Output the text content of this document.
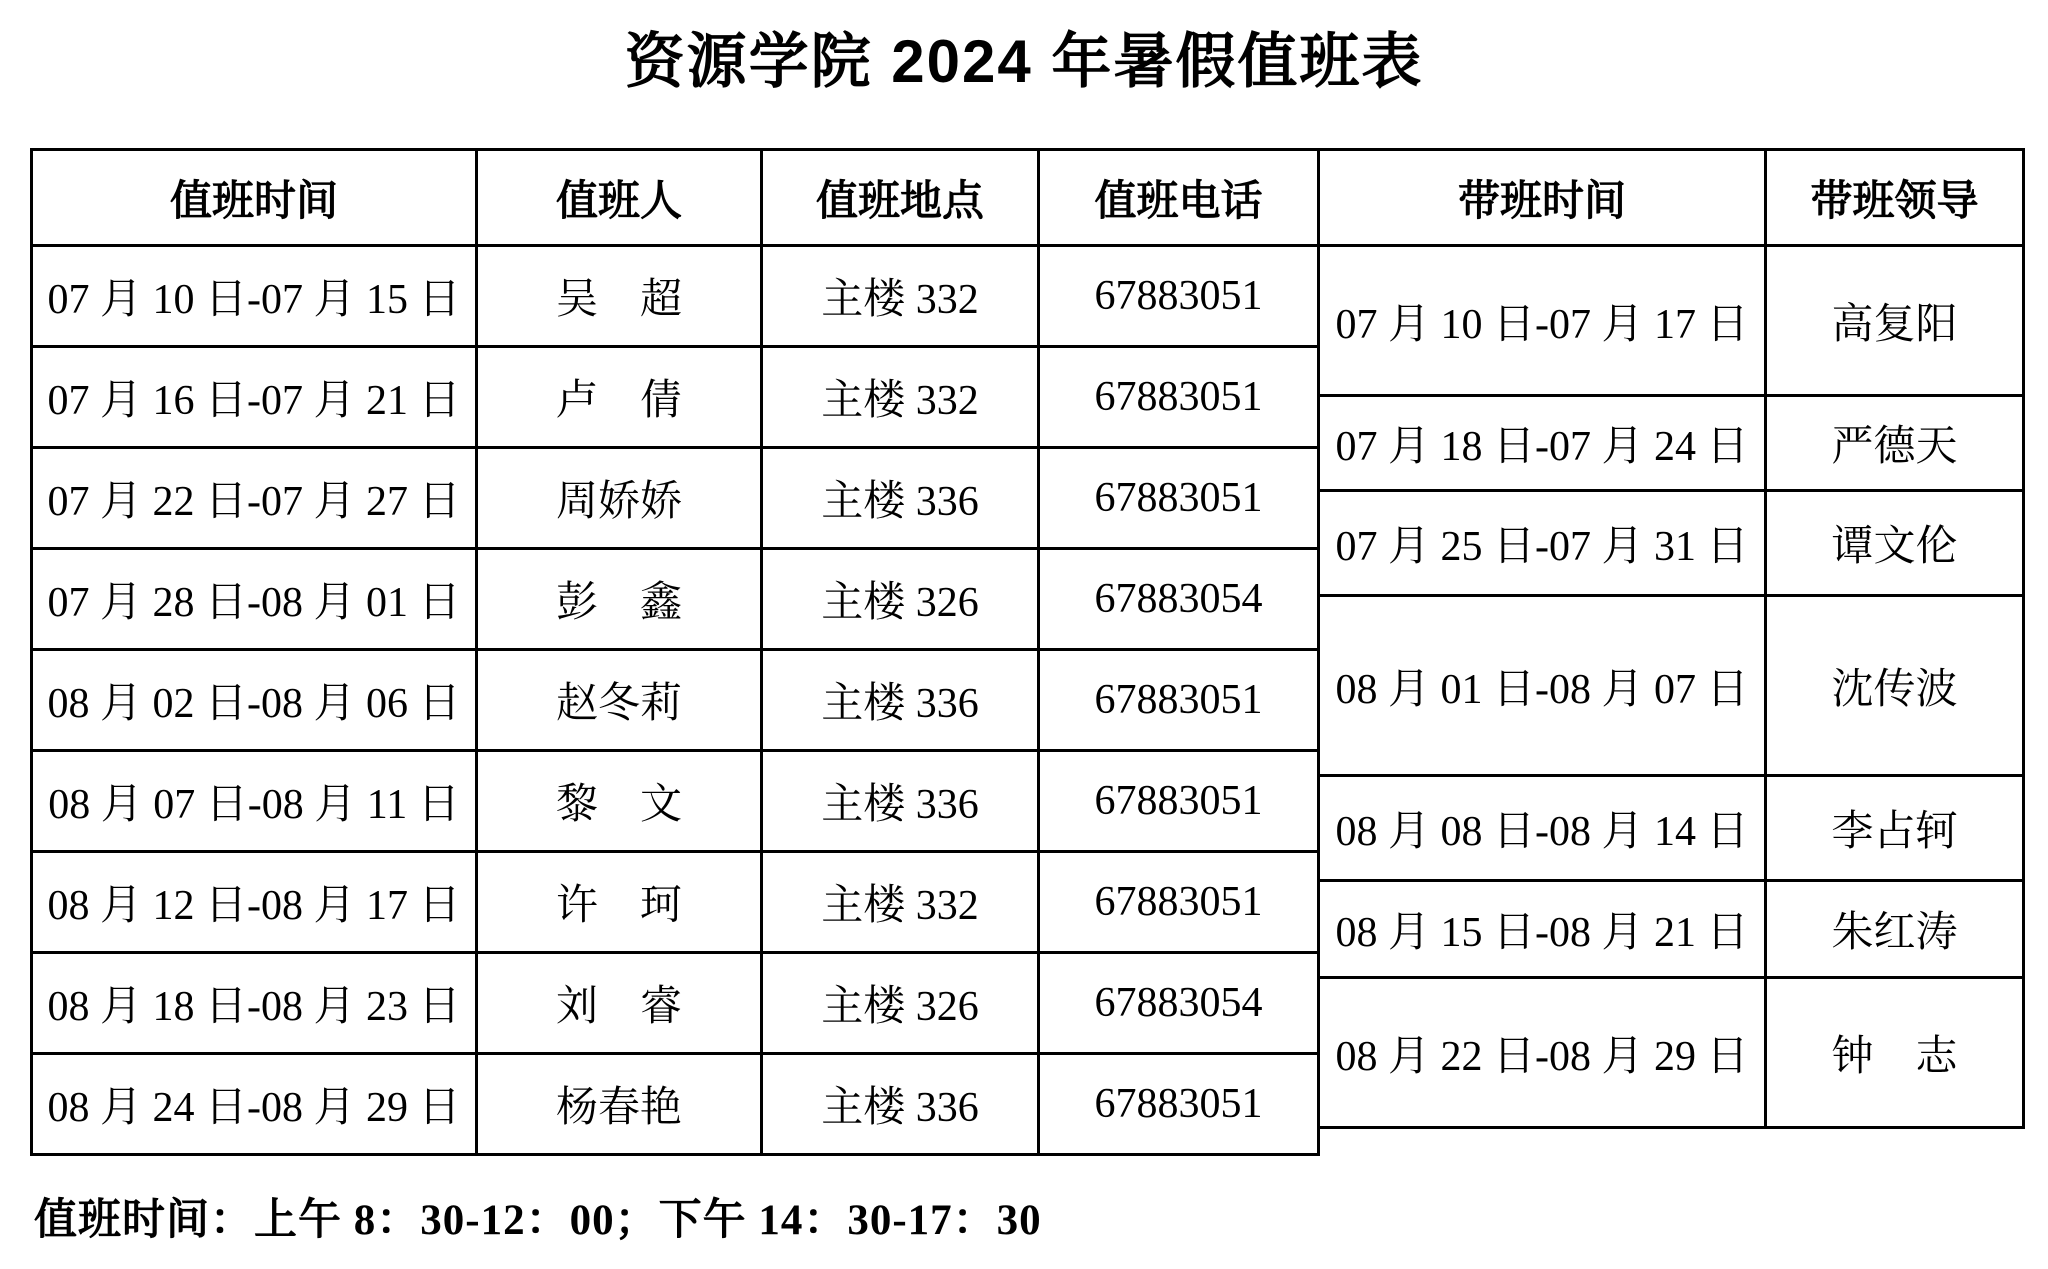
资源学院 2024 年暑假值班表
值班时间	值班人	值班地点	值班电话
07 月 10 日-07 月 15 日	吴　超	主楼 332	67883051
07 月 16 日-07 月 21 日	卢　倩	主楼 332	67883051
07 月 22 日-07 月 27 日	周娇娇	主楼 336	67883051
07 月 28 日-08 月 01 日	彭　鑫	主楼 326	67883054
08 月 02 日-08 月 06 日	赵冬莉	主楼 336	67883051
08 月 07 日-08 月 11 日	黎　文	主楼 336	67883051
08 月 12 日-08 月 17 日	许　珂	主楼 332	67883051
08 月 18 日-08 月 23 日	刘　睿	主楼 326	67883054
08 月 24 日-08 月 29 日	杨春艳	主楼 336	67883051
带班时间	带班领导
07 月 10 日-07 月 17 日	高复阳
07 月 18 日-07 月 24 日	严德天
07 月 25 日-07 月 31 日	谭文伦
08 月 01 日-08 月 07 日	沈传波
08 月 08 日-08 月 14 日	李占轲
08 月 15 日-08 月 21 日	朱红涛
08 月 22 日-08 月 29 日	钟　志
值班时间：上午 8：30-12：00；下午 14：30-17：30
